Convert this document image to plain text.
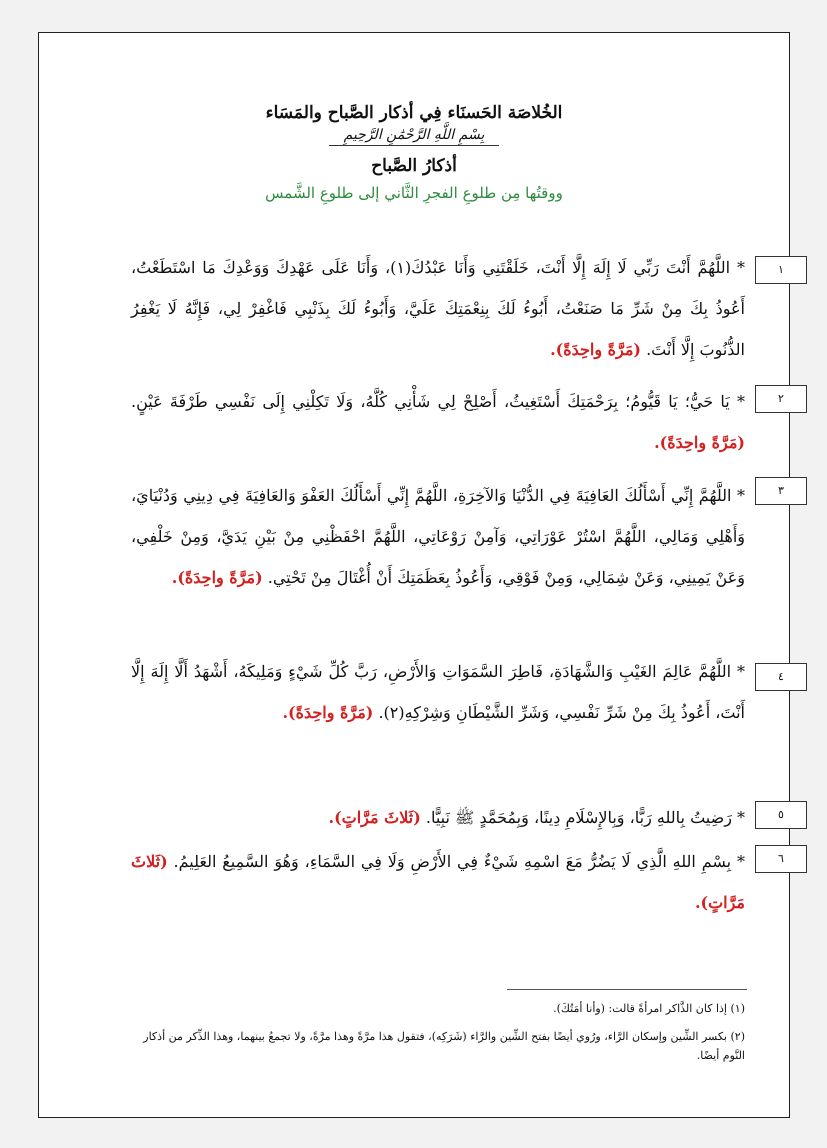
الخُلاصَة الحَسنَاء فِي أذكار الصَّباح والمَسَاء

بِسْمِ اللَّهِ الرَّحْمَٰنِ الرَّحِيمِ

أذكارُ الصَّباح

ووقتُها مِن طلوعِ الفجرِ الثَّاني إلى طلوعِ الشَّمس

١
* اللَّهُمَّ أَنْتَ رَبِّي لَا إِلَهَ إِلَّا أَنْتَ، خَلَقْتَنِي وَأَنَا عَبْدُكَ(١)، وَأَنَا عَلَى عَهْدِكَ وَوَعْدِكَ مَا اسْتَطَعْتُ، أَعُوذُ بِكَ مِنْ شَرِّ مَا صَنَعْتُ، أَبُوءُ لَكَ بِنِعْمَتِكَ عَلَيَّ، وَأَبُوءُ لَكَ بِذَنْبِي فَاغْفِرْ لِي، فَإِنَّهُ لَا يَغْفِرُ الذُّنُوبَ إِلَّا أَنْتَ. (مَرَّةً واحِدَةً).
٢
* يَا حَيُّ؛ يَا قَيُّومُ؛ بِرَحْمَتِكَ أَسْتَغِيثُ، أَصْلِحْ لِي شَأْنِي كُلَّهُ، وَلَا تَكِلْنِي إِلَى نَفْسِي طَرْفَةَ عَيْنٍ. (مَرَّةً واحِدَةً).
٣
* اللَّهُمَّ إِنِّي أَسْأَلُكَ العَافِيَةَ فِي الدُّنْيَا وَالآخِرَةِ، اللَّهُمَّ إِنِّي أَسْأَلُكَ العَفْوَ وَالعَافِيَةَ فِي دِينِي وَدُنْيَايَ، وَأَهْلِي وَمَالِي، اللَّهُمَّ اسْتُرْ عَوْرَاتِي، وَآمِنْ رَوْعَاتِي، اللَّهُمَّ احْفَظْنِي مِنْ بَيْنِ يَدَيَّ، وَمِنْ خَلْفِي، وَعَنْ يَمِينِي، وَعَنْ شِمَالِي، وَمِنْ فَوْقِي، وَأَعُوذُ بِعَظَمَتِكَ أَنْ أُغْتَالَ مِنْ تَحْتِي. (مَرَّةً واحِدَةً).
٤
* اللَّهُمَّ عَالِمَ الغَيْبِ وَالشَّهَادَةِ، فَاطِرَ السَّمَوَاتِ وَالأَرْضِ، رَبَّ كُلِّ شَيْءٍ وَمَلِيكَهُ، أَشْهَدُ أَلَّا إِلَهَ إِلَّا أَنْتَ، أَعُوذُ بِكَ مِنْ شَرِّ نَفْسِي، وَشَرِّ الشَّيْطَانِ وَشِرْكِهِ(٢). (مَرَّةً واحِدَةً).
٥
* رَضِيتُ بِاللهِ رَبًّا، وَبِالإِسْلَامِ دِينًا، وَبِمُحَمَّدٍ ﷺ نَبِيًّا. (ثَلاثَ مَرَّاتٍ).
٦
* بِسْمِ اللهِ الَّذِي لَا يَضُرُّ مَعَ اسْمِهِ شَيْءٌ فِي الأَرْضِ وَلَا فِي السَّمَاءِ، وَهُوَ السَّمِيعُ العَلِيمُ. (ثَلاثَ مَرَّاتٍ).
(١) إذا كان الذَّاكر امرأةً قالت: (وأنا أمَتُكَ).
(٢) بكسر الشِّين وإسكان الرَّاء، ورُوي أيضًا بفتح الشِّين والرَّاء (شَرَكِه)، فتقول هذا مرَّةً وهذا مرَّةً، ولا تجمعُ بينهما، وهذا الذِّكر من أذكار النَّوم أيضًا.
